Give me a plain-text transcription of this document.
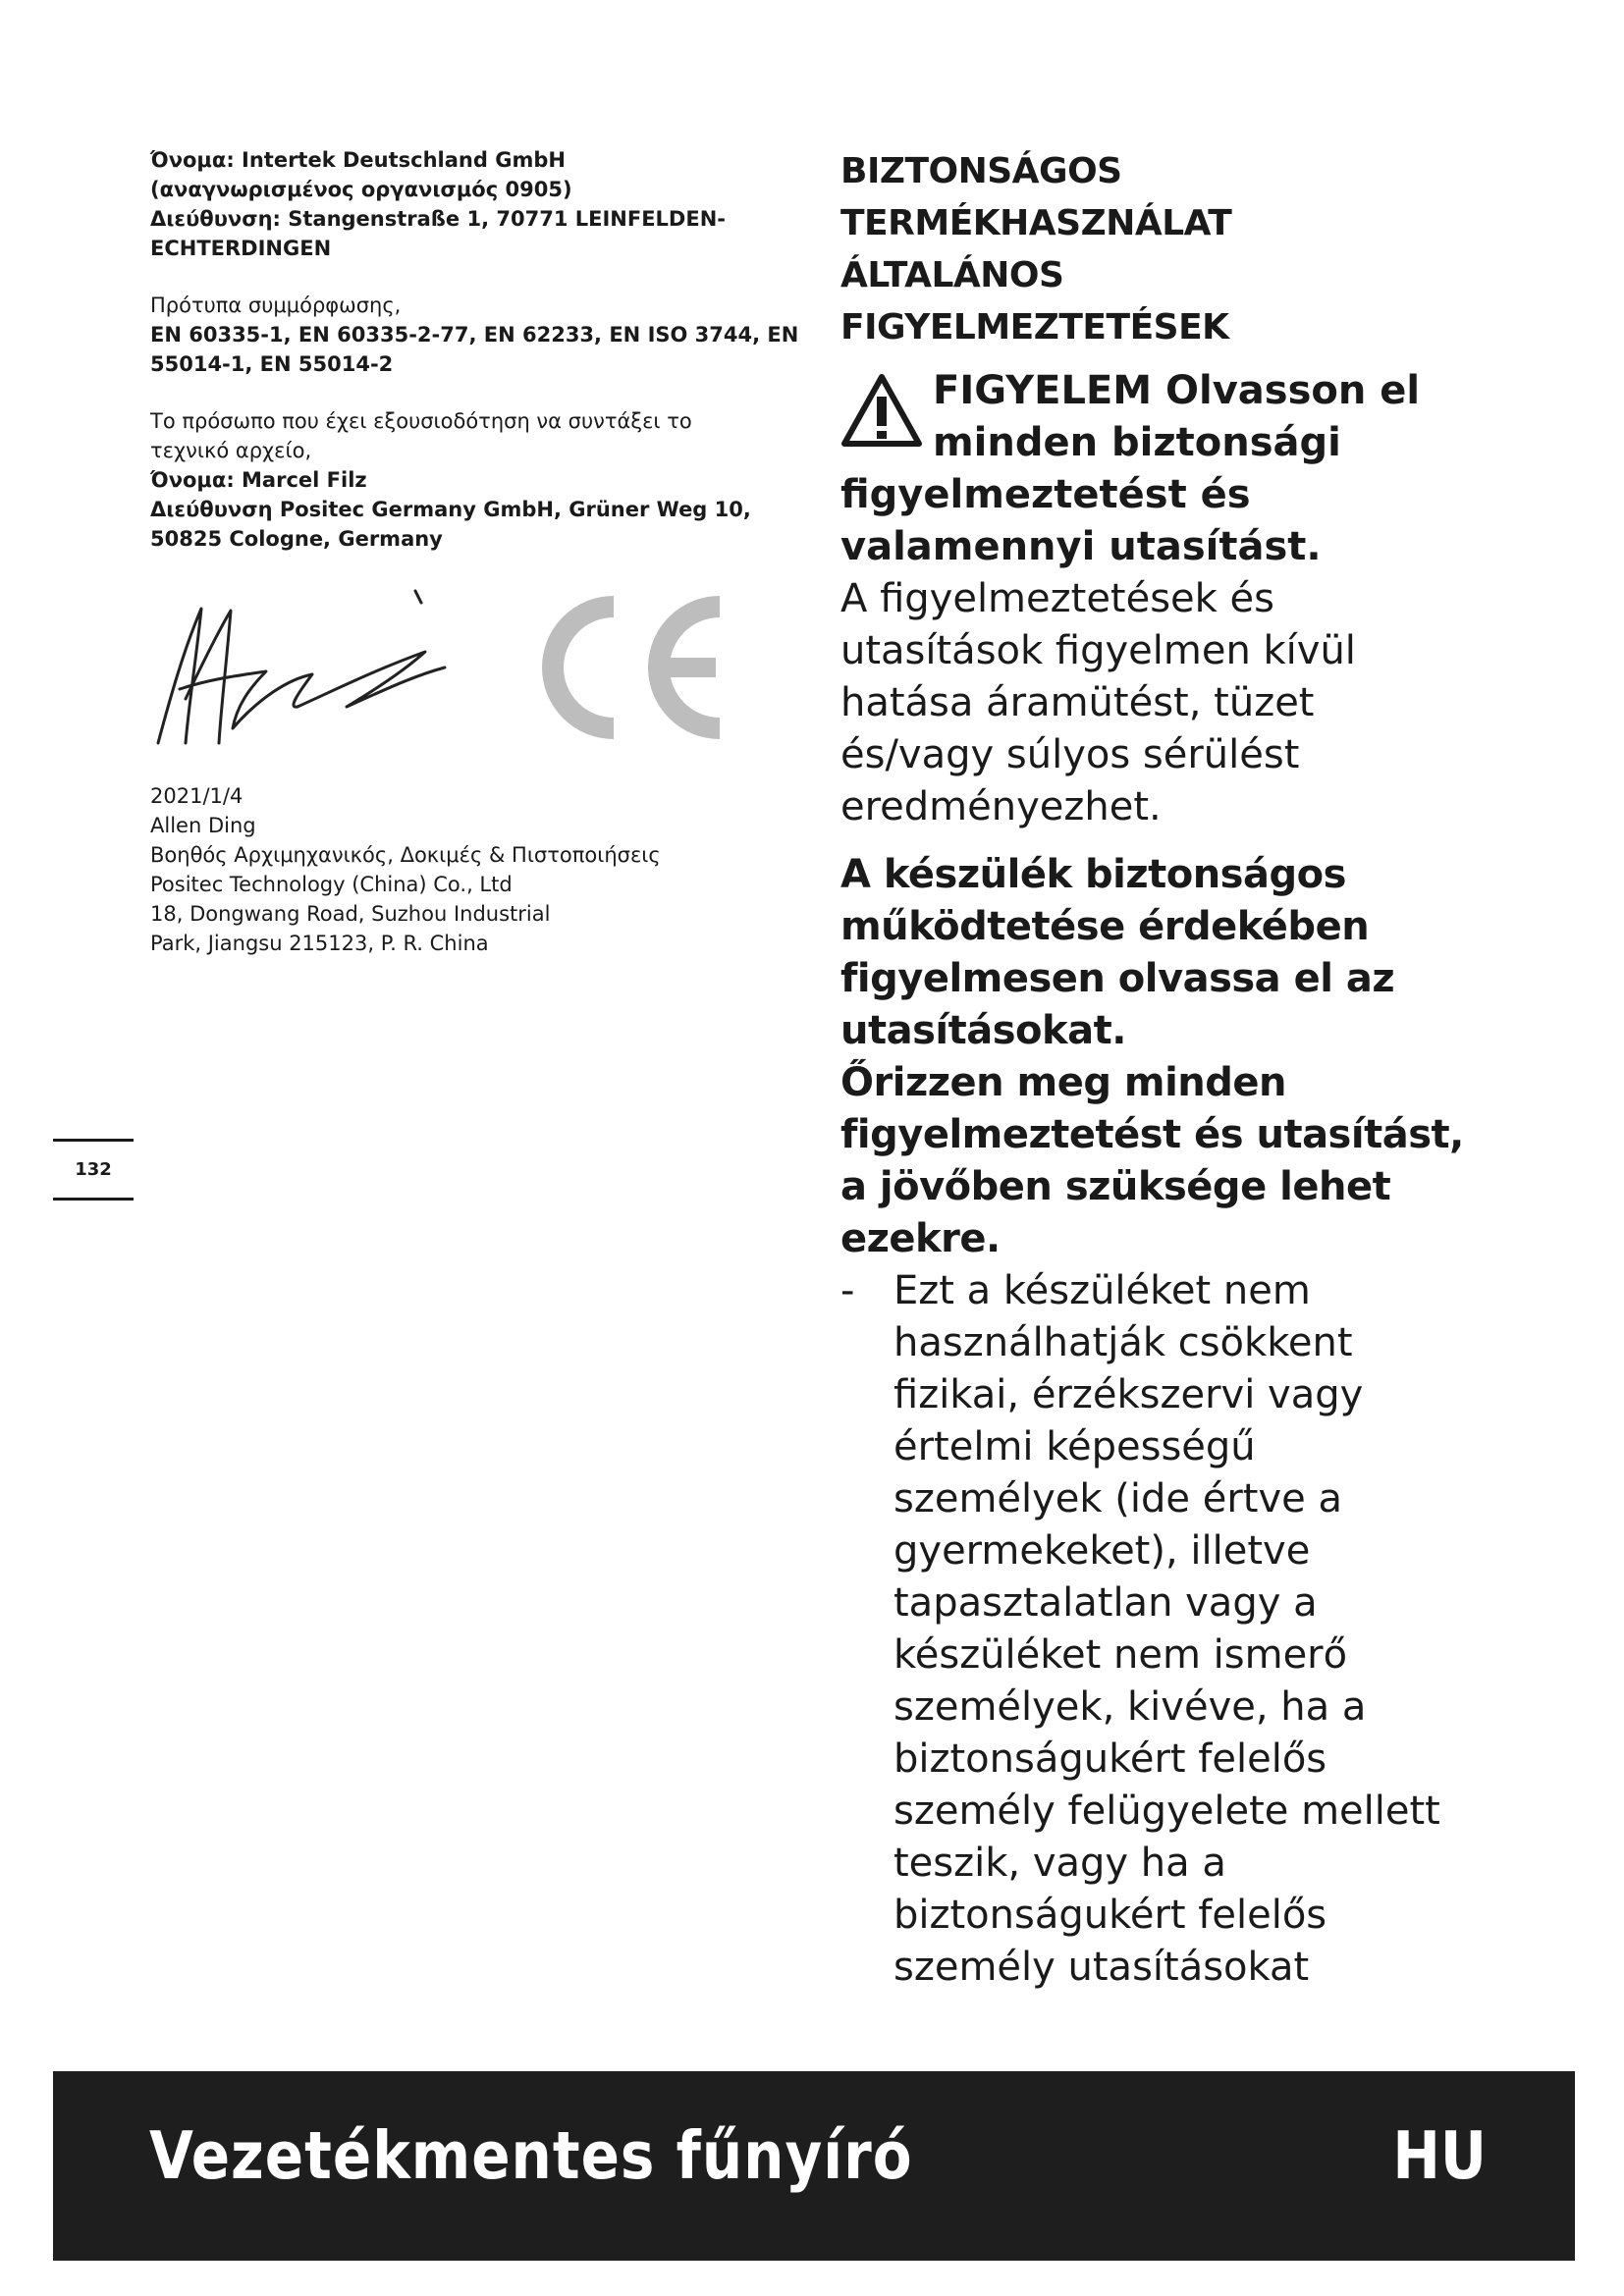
Όνομα: Intertek Deutschland GmbH

(αναγνωρισμένος οργανισμός 0905)

Διεύθυνση: Stangenstraße 1, 70771 LEINFELDEN-

ECHTERDINGEN

Πρότυπα συμμόρφωσης,

EN 60335-1, EN 60335-2-77, EN 62233, EN ISO 3744, EN

55014-1, EN 55014-2

Το πρόσωπο που έχει εξουσιοδότηση να συντάξει το

τεχνικό αρχείο,

Όνομα: Marcel Filz

Διεύθυνση Positec Germany GmbH, Grüner Weg 10,

50825 Cologne, Germany

2021/1/4

Allen Ding

Βοηθός Αρχιμηχανικός, Δοκιμές & Πιστοποιήσεις

Positec Technology (China) Co., Ltd

18, Dongwang Road, Suzhou Industrial

Park, Jiangsu 215123, P. R. China

132
BIZTONSÁGOS
TERMÉKHASZNÁLAT
ÁLTALÁNOS
FIGYELMEZTETÉSEK
FIGYELEM Olvasson el
minden biztonsági
figyelmeztetést és
valamennyi utasítást.

A figyelmeztetések és utasítások figyelmen kívül hatása áramütést, tüzet és/vagy súlyos sérülést eredményezhet.

A készülék biztonságos működtetése érdekében figyelmesen olvassa el az utasításokat.

Őrizzen meg minden figyelmeztetést és utasítást, a jövőben szüksége lehet ezekre.

- Ezt a készüléket nem használhatják csökkent fizikai, érzékszervi vagy értelmi képességű személyek (ide értve a gyermekeket), illetve tapasztalatlan vagy a készüléket nem ismerő személyek, kivéve, ha a biztonságukért felelős személy felügyelete mellett teszik, vagy ha a biztonságukért felelős személy utasításokat
Vezetékmentes fűnyíró	HU
